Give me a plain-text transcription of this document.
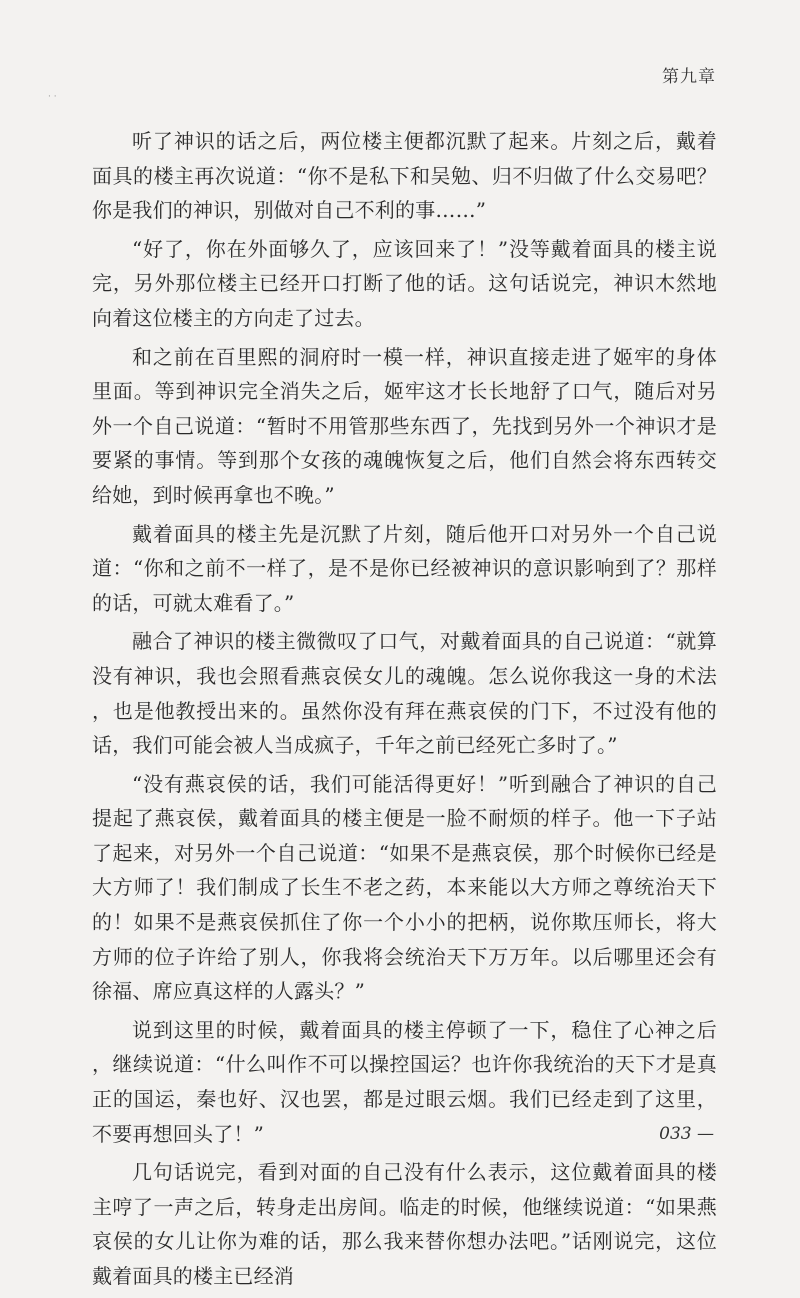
· ·
第九章

听了神识的话之后，两位楼主便都沉默了起来。片刻之后，戴着面具的楼主再次说道：“你不是私下和吴勉、归不归做了什么交易吧？你是我们的神识，别做对自己不利的事……”

“好了，你在外面够久了，应该回来了！”没等戴着面具的楼主说完，另外那位楼主已经开口打断了他的话。这句话说完，神识木然地向着这位楼主的方向走了过去。

和之前在百里熙的洞府时一模一样，神识直接走进了姬牢的身体里面。等到神识完全消失之后，姬牢这才长长地舒了口气，随后对另外一个自己说道：“暂时不用管那些东西了，先找到另外一个神识才是要紧的事情。等到那个女孩的魂魄恢复之后，他们自然会将东西转交给她，到时候再拿也不晚。”

戴着面具的楼主先是沉默了片刻，随后他开口对另外一个自己说道：“你和之前不一样了，是不是你已经被神识的意识影响到了？那样的话，可就太难看了。”

融合了神识的楼主微微叹了口气，对戴着面具的自己说道：“就算没有神识，我也会照看燕哀侯女儿的魂魄。怎么说你我这一身的术法，也是他教授出来的。虽然你没有拜在燕哀侯的门下，不过没有他的话，我们可能会被人当成疯子，千年之前已经死亡多时了。”

“没有燕哀侯的话，我们可能活得更好！”听到融合了神识的自己提起了燕哀侯，戴着面具的楼主便是一脸不耐烦的样子。他一下子站了起来，对另外一个自己说道：“如果不是燕哀侯，那个时候你已经是大方师了！我们制成了长生不老之药，本来能以大方师之尊统治天下的！如果不是燕哀侯抓住了你一个小小的把柄，说你欺压师长，将大方师的位子许给了别人，你我将会统治天下万万年。以后哪里还会有徐福、席应真这样的人露头？”

说到这里的时候，戴着面具的楼主停顿了一下，稳住了心神之后，继续说道：“什么叫作不可以操控国运？也许你我统治的天下才是真正的国运，秦也好、汉也罢，都是过眼云烟。我们已经走到了这里，不要再想回头了！”

几句话说完，看到对面的自己没有什么表示，这位戴着面具的楼主哼了一声之后，转身走出房间。临走的时候，他继续说道：“如果燕哀侯的女儿让你为难的话，那么我来替你想办法吧。”话刚说完，这位戴着面具的楼主已经消

033 —
